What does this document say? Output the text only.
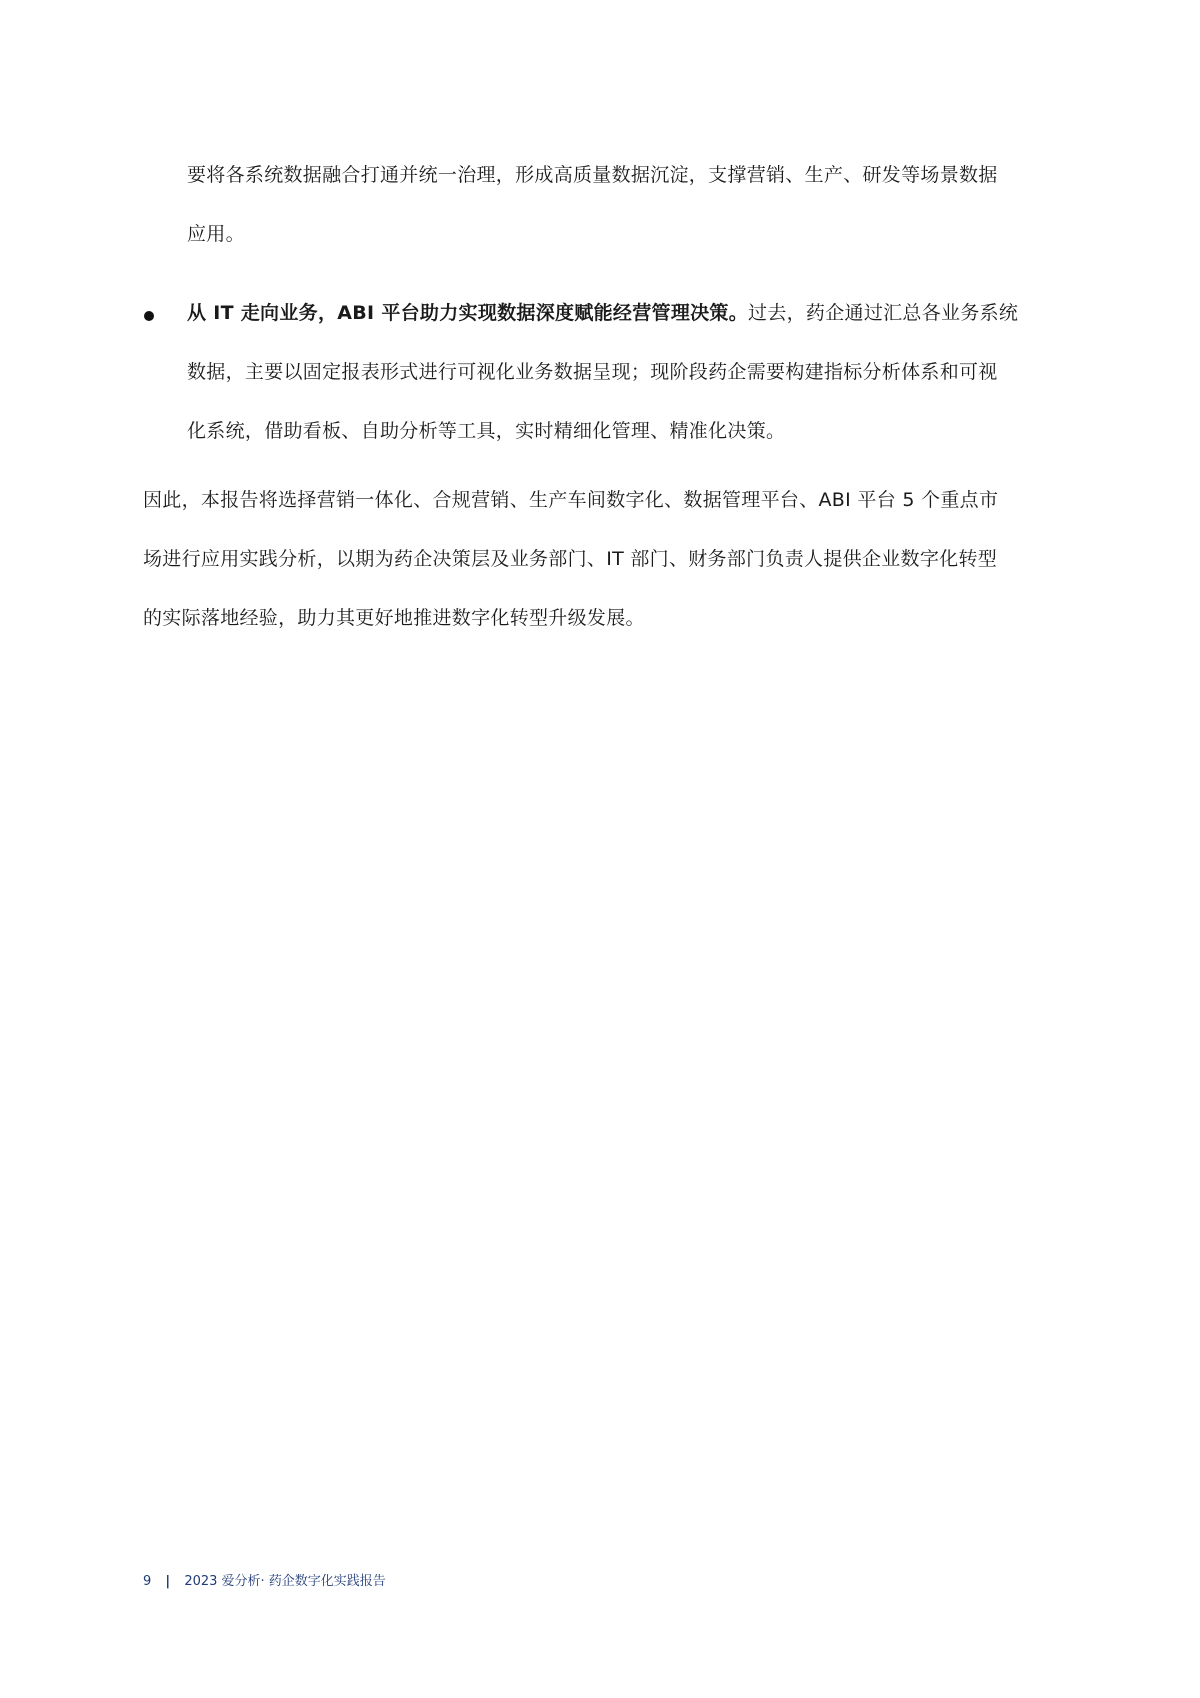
要将各系统数据融合打通并统一治理，形成高质量数据沉淀，支撑营销、生产、研发等场景数据
应用。
从 IT 走向业务，ABI 平台助力实现数据深度赋能经营管理决策。过去，药企通过汇总各业务系统
数据，主要以固定报表形式进行可视化业务数据呈现；现阶段药企需要构建指标分析体系和可视
化系统，借助看板、自助分析等工具，实时精细化管理、精准化决策。
因此，本报告将选择营销一体化、合规营销、生产车间数字化、数据管理平台、ABI 平台 5 个重点市
场进行应用实践分析，以期为药企决策层及业务部门、IT 部门、财务部门负责人提供企业数字化转型
的实际落地经验，助力其更好地推进数字化转型升级发展。
9 | 2023 爱分析· 药企数字化实践报告
